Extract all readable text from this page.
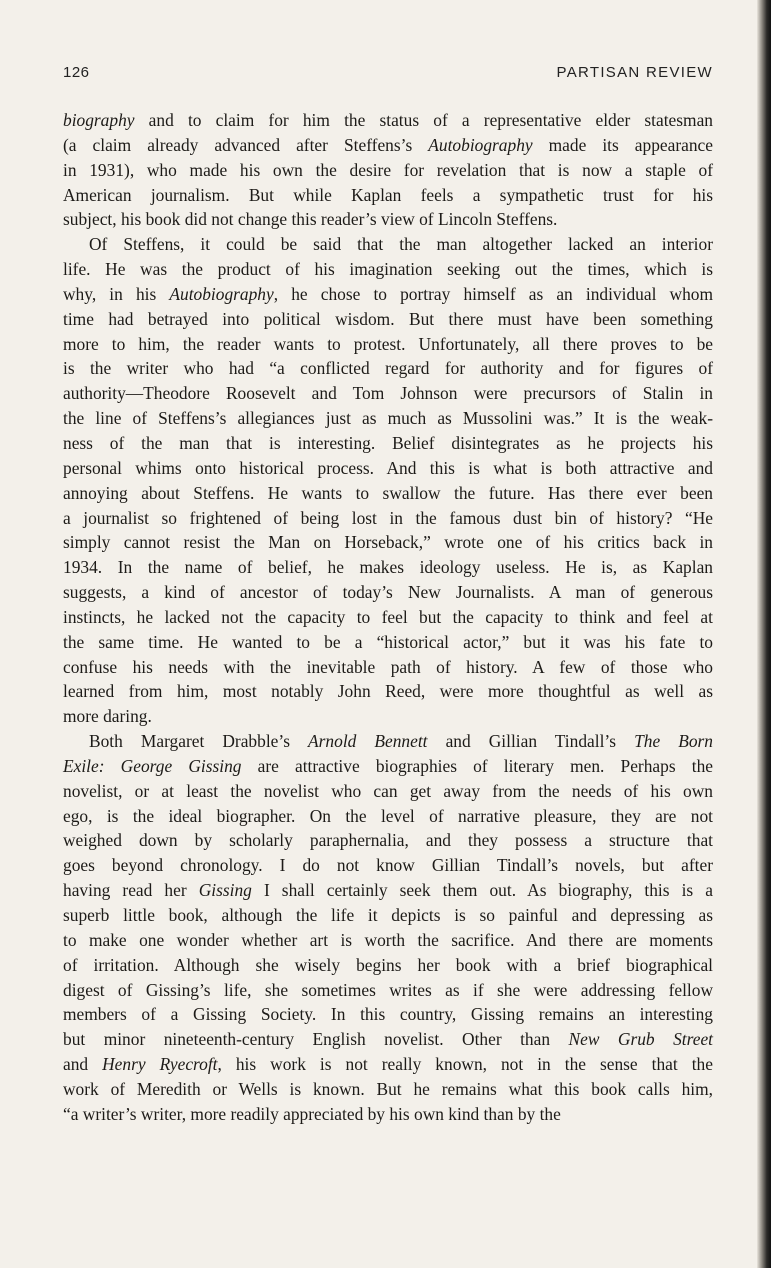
126	PARTISAN REVIEW

biography and to claim for him the status of a representative elder statesman
(a claim already advanced after Steffens’s Autobiography made its appearance
in 1931), who made his own the desire for revelation that is now a staple of
American journalism. But while Kaplan feels a sympathetic trust for his
subject, his book did not change this reader’s view of Lincoln Steffens.

Of Steffens, it could be said that the man altogether lacked an interior
life. He was the product of his imagination seeking out the times, which is
why, in his Autobiography, he chose to portray himself as an individual whom
time had betrayed into political wisdom. But there must have been something
more to him, the reader wants to protest. Unfortunately, all there proves to be
is the writer who had “a conflicted regard for authority and for figures of
authority—Theodore Roosevelt and Tom Johnson were precursors of Stalin in
the line of Steffens’s allegiances just as much as Mussolini was.” It is the weak-
ness of the man that is interesting. Belief disintegrates as he projects his
personal whims onto historical process. And this is what is both attractive and
annoying about Steffens. He wants to swallow the future. Has there ever been
a journalist so frightened of being lost in the famous dust bin of history? “He
simply cannot resist the Man on Horseback,” wrote one of his critics back in
1934. In the name of belief, he makes ideology useless. He is, as Kaplan
suggests, a kind of ancestor of today’s New Journalists. A man of generous
instincts, he lacked not the capacity to feel but the capacity to think and feel at
the same time. He wanted to be a “historical actor,” but it was his fate to
confuse his needs with the inevitable path of history. A few of those who
learned from him, most notably John Reed, were more thoughtful as well as
more daring.

Both Margaret Drabble’s Arnold Bennett and Gillian Tindall’s The Born
Exile: George Gissing are attractive biographies of literary men. Perhaps the
novelist, or at least the novelist who can get away from the needs of his own
ego, is the ideal biographer. On the level of narrative pleasure, they are not
weighed down by scholarly paraphernalia, and they possess a structure that
goes beyond chronology. I do not know Gillian Tindall’s novels, but after
having read her Gissing I shall certainly seek them out. As biography, this is a
superb little book, although the life it depicts is so painful and depressing as
to make one wonder whether art is worth the sacrifice. And there are moments
of irritation. Although she wisely begins her book with a brief biographical
digest of Gissing’s life, she sometimes writes as if she were addressing fellow
members of a Gissing Society. In this country, Gissing remains an interesting
but minor nineteenth-century English novelist. Other than New Grub Street
and Henry Ryecroft, his work is not really known, not in the sense that the
work of Meredith or Wells is known. But he remains what this book calls him,
“a writer’s writer, more readily appreciated by his own kind than by the
